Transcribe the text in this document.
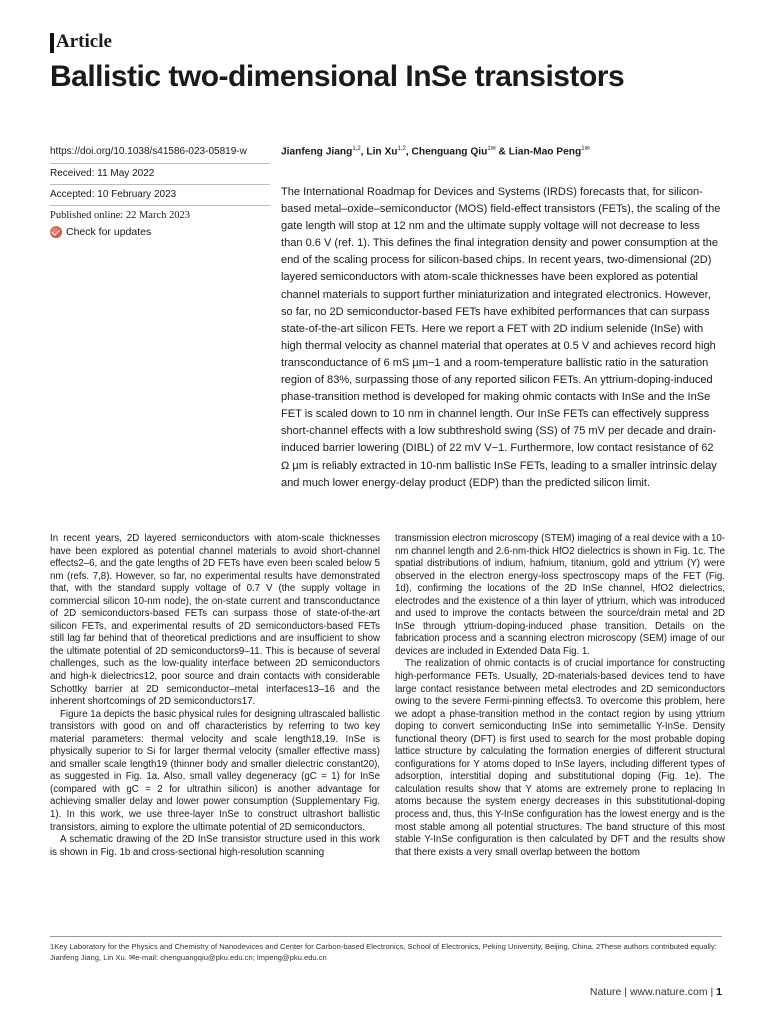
Article
Ballistic two-dimensional InSe transistors
https://doi.org/10.1038/s41586-023-05819-w
Received: 11 May 2022
Accepted: 10 February 2023
Published online: 22 March 2023
Check for updates
Jianfeng Jiang$^{1,2}$, Lin Xu$^{1,2}$, Chenguang Qiu$^{1✉}$ & Lian-Mao Peng$^{1✉}$

The International Roadmap for Devices and Systems (IRDS) forecasts that, for silicon-based metal–oxide–semiconductor (MOS) field-effect transistors (FETs), the scaling of the gate length will stop at 12 nm and the ultimate supply voltage will not decrease to less than 0.6 V (ref. 1). This defines the final integration density and power consumption at the end of the scaling process for silicon-based chips. In recent years, two-dimensional (2D) layered semiconductors with atom-scale thicknesses have been explored as potential channel materials to support further miniaturization and integrated electronics. However, so far, no 2D semiconductor-based FETs have exhibited performances that can surpass state-of-the-art silicon FETs. Here we report a FET with 2D indium selenide (InSe) with high thermal velocity as channel material that operates at 0.5 V and achieves record high transconductance of 6 mS µm−1 and a room-temperature ballistic ratio in the saturation region of 83%, surpassing those of any reported silicon FETs. An yttrium-doping-induced phase-transition method is developed for making ohmic contacts with InSe and the InSe FET is scaled down to 10 nm in channel length. Our InSe FETs can effectively suppress short-channel effects with a low subthreshold swing (SS) of 75 mV per decade and drain-induced barrier lowering (DIBL) of 22 mV V−1. Furthermore, low contact resistance of 62 Ω µm is reliably extracted in 10-nm ballistic InSe FETs, leading to a smaller intrinsic delay and much lower energy-delay product (EDP) than the predicted silicon limit.

In recent years, 2D layered semiconductors with atom-scale thicknesses have been explored as potential channel materials to avoid short-channel effects2–6, and the gate lengths of 2D FETs have even been scaled below 5 nm (refs. 7,8). However, so far, no experimental results have demonstrated that, with the standard supply voltage of 0.7 V (the supply voltage in commercial silicon 10-nm node), the on-state current and transconductance of 2D semiconductors-based FETs can surpass those of state-of-the-art silicon FETs, and experimental results of 2D semiconductors-based FETs still lag far behind that of theoretical predictions and are insufficient to show the ultimate potential of 2D semiconductors9–11. This is because of several challenges, such as the low-quality interface between 2D semiconductors and high-k dielectrics12, poor source and drain contacts with considerable Schottky barrier at 2D semiconductor–metal interfaces13–16 and the inherent shortcomings of 2D semiconductors17.

Figure 1a depicts the basic physical rules for designing ultrascaled ballistic transistors with good on and off characteristics by referring to two key material parameters: thermal velocity and scale length18,19. InSe is physically superior to Si for larger thermal velocity (smaller effective mass) and smaller scale length19 (thinner body and smaller dielectric constant20), as suggested in Fig. 1a. Also, small valley degeneracy (gC = 1) for InSe (compared with gC = 2 for ultrathin silicon) is another advantage for achieving smaller delay and lower power consumption (Supplementary Fig. 1). In this work, we use three-layer InSe to construct ultrashort ballistic transistors, aiming to explore the ultimate potential of 2D semiconductors.

A schematic drawing of the 2D InSe transistor structure used in this work is shown in Fig. 1b and cross-sectional high-resolution scanning

transmission electron microscopy (STEM) imaging of a real device with a 10-nm channel length and 2.6-nm-thick HfO2 dielectrics is shown in Fig. 1c. The spatial distributions of indium, hafnium, titanium, gold and yttrium (Y) were observed in the electron energy-loss spectroscopy maps of the FET (Fig. 1d), confirming the locations of the 2D InSe channel, HfO2 dielectrics, electrodes and the existence of a thin layer of yttrium, which was introduced and used to improve the contacts between the source/drain metal and 2D InSe through yttrium-doping-induced phase transition. Details on the fabrication process and a scanning electron microscopy (SEM) image of our devices are included in Extended Data Fig. 1.

The realization of ohmic contacts is of crucial importance for constructing high-performance FETs. Usually, 2D-materials-based devices tend to have large contact resistance between metal electrodes and 2D semiconductors owing to the severe Fermi-pinning effects3. To overcome this problem, here we adopt a phase-transition method in the contact region by using yttrium doping to convert semiconducting InSe into semimetallic Y-InSe. Density functional theory (DFT) is first used to search for the most probable doping lattice structure by calculating the formation energies of different structural configurations for Y atoms doped to InSe layers, including different types of adsorption, interstitial doping and substitutional doping (Fig. 1e). The calculation results show that Y atoms are extremely prone to replacing In atoms because the system energy decreases in this substitutional-doping process and, thus, this Y-InSe configuration has the lowest energy and is the most stable among all potential structures. The band structure of this most stable Y-InSe configuration is then calculated by DFT and the results show that there exists a very small overlap between the bottom

1Key Laboratory for the Physics and Chemistry of Nanodevices and Center for Carbon-based Electronics, School of Electronics, Peking University, Beijing, China. 2These authors contributed equally: Jianfeng Jiang, Lin Xu. ✉e-mail: chenguangqiu@pku.edu.cn; lmpeng@pku.edu.cn
Nature | www.nature.com | 1
